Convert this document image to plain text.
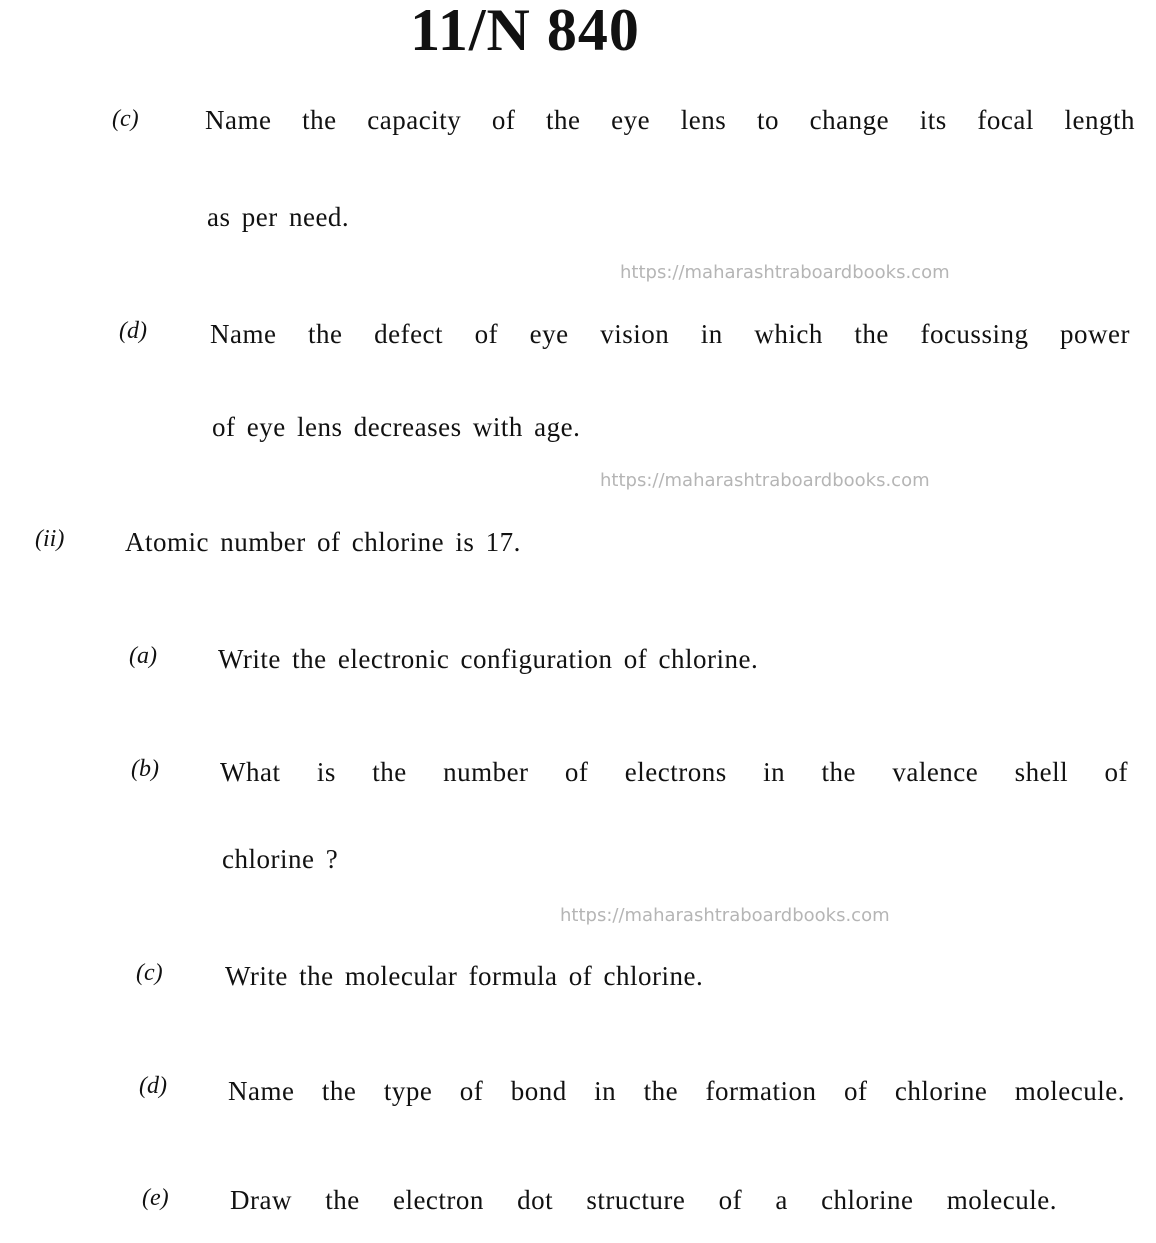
https://maharashtraboardbooks.com
https://maharashtraboardbooks.com
https://maharashtraboardbooks.com
11/N 840
(c) Name the capacity of the eye lens to change its focal length
as per need.
(d) Name the defect of eye vision in which the focussing power
of eye lens decreases with age.
(ii) Atomic number of chlorine is 17.
(a) Write the electronic configuration of chlorine.
(b) What is the number of electrons in the valence shell of
chlorine ?
(c) Write the molecular formula of chlorine.
(d) Name the type of bond in the formation of chlorine molecule.
(e) Draw the electron dot structure of a chlorine molecule.
